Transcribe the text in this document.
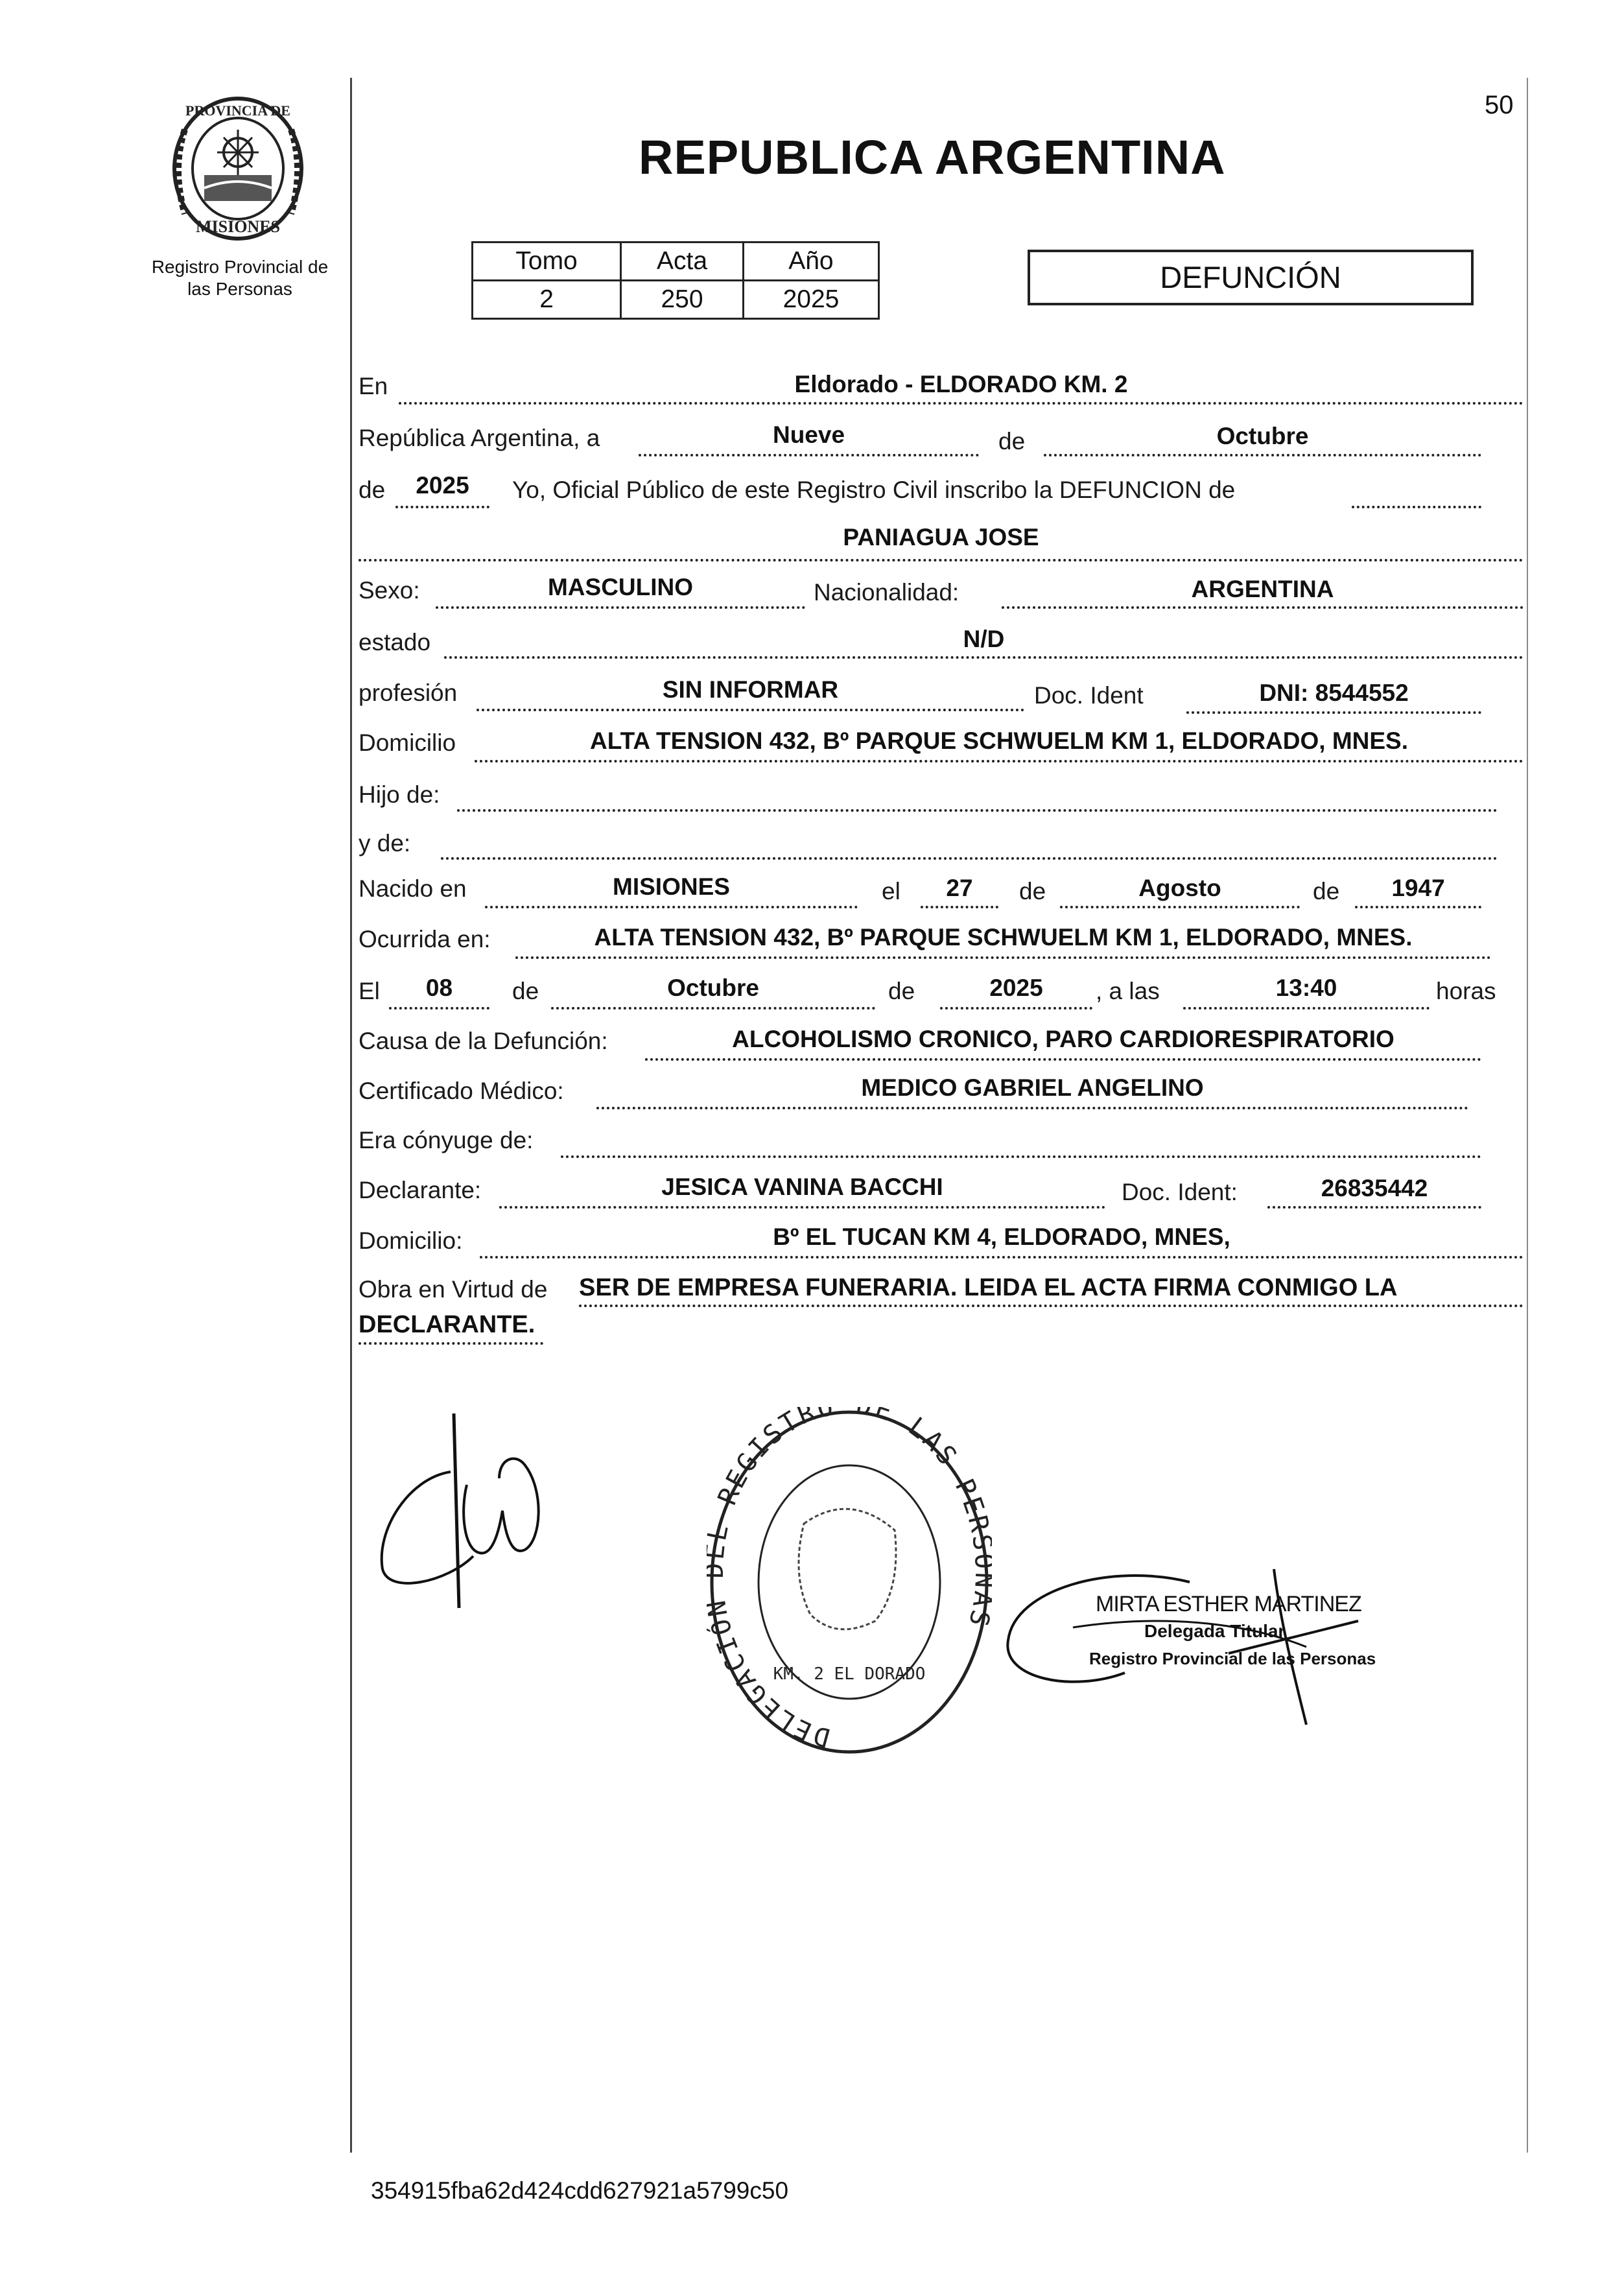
50
PROVINCIA DE
MISIONES
Registro Provincial de
las Personas
REPUBLICA ARGENTINA
Tomo	Acta	Año
2	250	2025
DEFUNCIÓN
En	Eldorado - ELDORADO KM. 2
República Argentina, a	Nueve	de	Octubre
de	2025	Yo, Oficial Público de este Registro Civil inscribo la DEFUNCION de
PANIAGUA JOSE
Sexo:	MASCULINO	Nacionalidad:	ARGENTINA
estado	N/D
profesión	SIN INFORMAR	Doc. Ident	DNI: 8544552
Domicilio	ALTA TENSION 432, Bº PARQUE SCHWUELM KM 1, ELDORADO, MNES.
Hijo de:
y de:
Nacido en	MISIONES	el	27	de	Agosto	de	1947
Ocurrida en:	ALTA TENSION 432, Bº PARQUE SCHWUELM KM 1, ELDORADO, MNES.
El	08	de	Octubre	de	2025	, a las	13:40	horas
Causa de la Defunción:	ALCOHOLISMO CRONICO, PARO CARDIORESPIRATORIO
Certificado Médico:	MEDICO GABRIEL ANGELINO
Era cónyuge de:
Declarante:	JESICA VANINA BACCHI	Doc. Ident:	26835442
Domicilio:	Bº EL TUCAN KM 4, ELDORADO, MNES,
Obra en Virtud de SER DE EMPRESA FUNERARIA. LEIDA EL ACTA FIRMA CONMIGO LA
DECLARANTE.
DELEGACIÓ REGISTRO E LAS PE
KM. 2 EL DORADO
MIRTA ESTHER MARTINEZ
Delegada Titular
Registro Provincial de las Personas
354915fba62d424cdd627921a5799c50
